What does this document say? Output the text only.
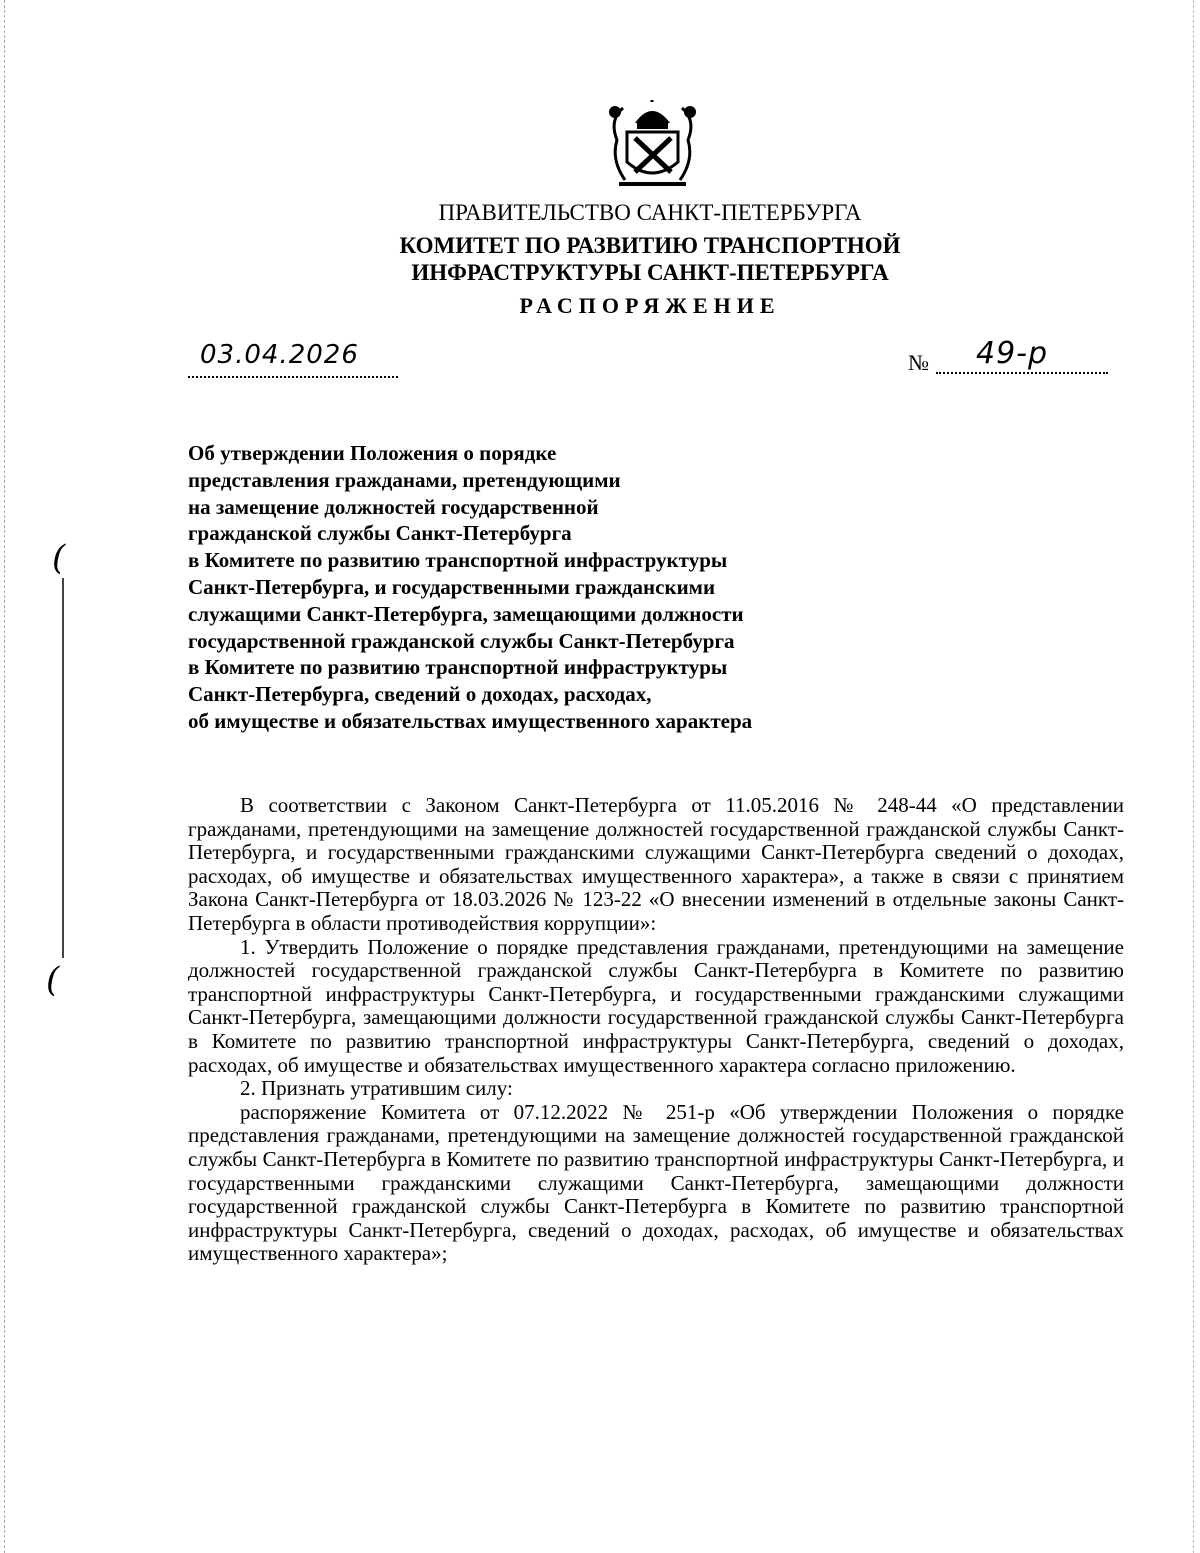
ПРАВИТЕЛЬСТВО САНКТ-ПЕТЕРБУРГА
КОМИТЕТ ПО РАЗВИТИЮ ТРАНСПОРТНОЙ
ИНФРАСТРУКТУРЫ САНКТ-ПЕТЕРБУРГА
РАСПОРЯЖЕНИЕ
03.04.2026	№ 49-р
Об утверждении Положения о порядке
представления гражданами, претендующими
на замещение должностей государственной
гражданской службы Санкт-Петербурга
в Комитете по развитию транспортной инфраструктуры
Санкт-Петербурга, и государственными гражданскими
служащими Санкт-Петербурга, замещающими должности
государственной гражданской службы Санкт-Петербурга
в Комитете по развитию транспортной инфраструктуры
Санкт-Петербурга, сведений о доходах, расходах,
об имуществе и обязательствах имущественного характера
(
(

В соответствии с Законом Санкт-Петербурга от 11.05.2016 № 248-44 «О представлении гражданами, претендующими на замещение должностей государственной гражданской службы Санкт-Петербурга, и государственными гражданскими служащими Санкт-Петербурга сведений о доходах, расходах, об имуществе и обязательствах имущественного характера», а также в связи с принятием Закона Санкт-Петербурга от 18.03.2026 № 123-22 «О внесении изменений в отдельные законы Санкт-Петербурга в области противодействия коррупции»:

1. Утвердить Положение о порядке представления гражданами, претендующими на замещение должностей государственной гражданской службы Санкт-Петербурга в Комитете по развитию транспортной инфраструктуры Санкт-Петербурга, и государственными гражданскими служащими Санкт-Петербурга, замещающими должности государственной гражданской службы Санкт-Петербурга в Комитете по развитию транспортной инфраструктуры Санкт-Петербурга, сведений о доходах, расходах, об имуществе и обязательствах имущественного характера согласно приложению.

2. Признать утратившим силу:

распоряжение Комитета от 07.12.2022 № 251-р «Об утверждении Положения о порядке представления гражданами, претендующими на замещение должностей государственной гражданской службы Санкт-Петербурга в Комитете по развитию транспортной инфраструктуры Санкт-Петербурга, и государственными гражданскими служащими Санкт-Петербурга, замещающими должности государственной гражданской службы Санкт-Петербурга в Комитете по развитию транспортной инфраструктуры Санкт-Петербурга, сведений о доходах, расходах, об имуществе и обязательствах имущественного характера»;
